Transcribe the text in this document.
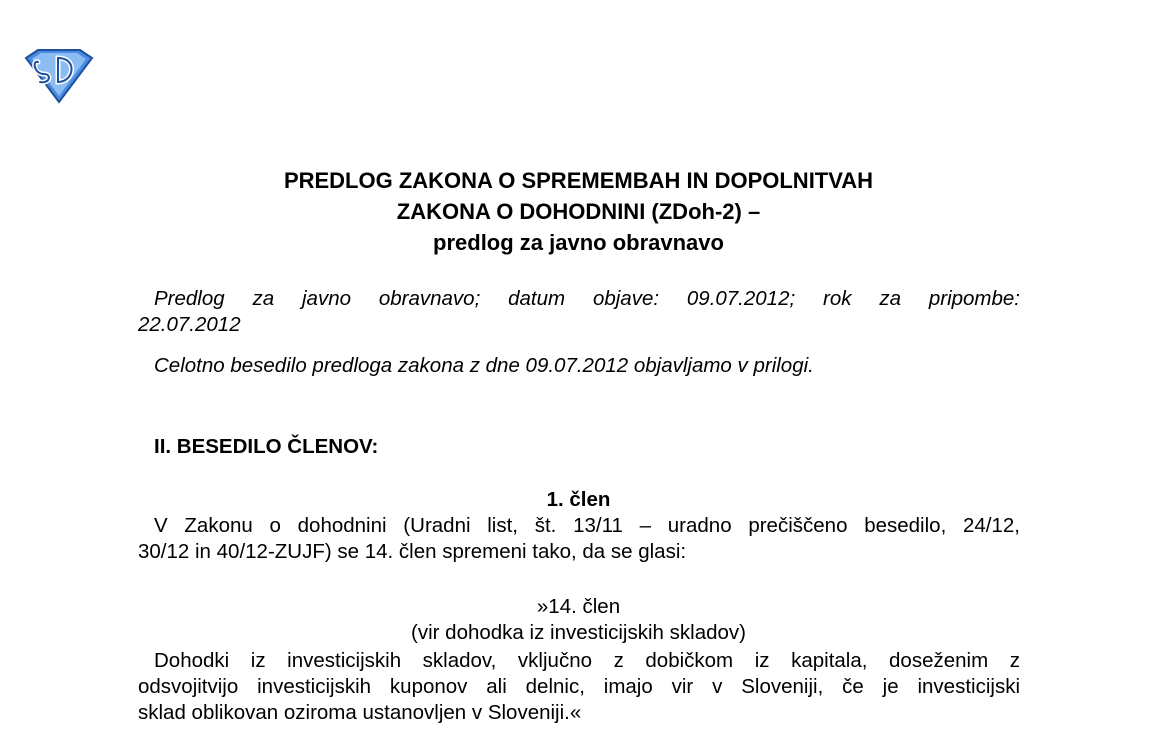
PREDLOG ZAKONA O SPREMEMBAH IN DOPOLNITVAH
ZAKONA O DOHODNINI (ZDoh-2) –
predlog za javno obravnavo
Predlog za javno obravnavo; datum objave: 09.07.2012; rok za pripombe:
22.07.2012
Celotno besedilo predloga zakona z dne 09.07.2012 objavljamo v prilogi.
II. BESEDILO ČLENOV:
1. člen
V Zakonu o dohodnini (Uradni list, št. 13/11 – uradno prečiščeno besedilo, 24/12,
30/12 in 40/12-ZUJF) se 14. člen spremeni tako, da se glasi:
»14. člen
(vir dohodka iz investicijskih skladov)
Dohodki iz investicijskih skladov, vključno z dobičkom iz kapitala, doseženim z
odsvojitvijo investicijskih kuponov ali delnic, imajo vir v Sloveniji, če je investicijski
sklad oblikovan oziroma ustanovljen v Sloveniji.«
